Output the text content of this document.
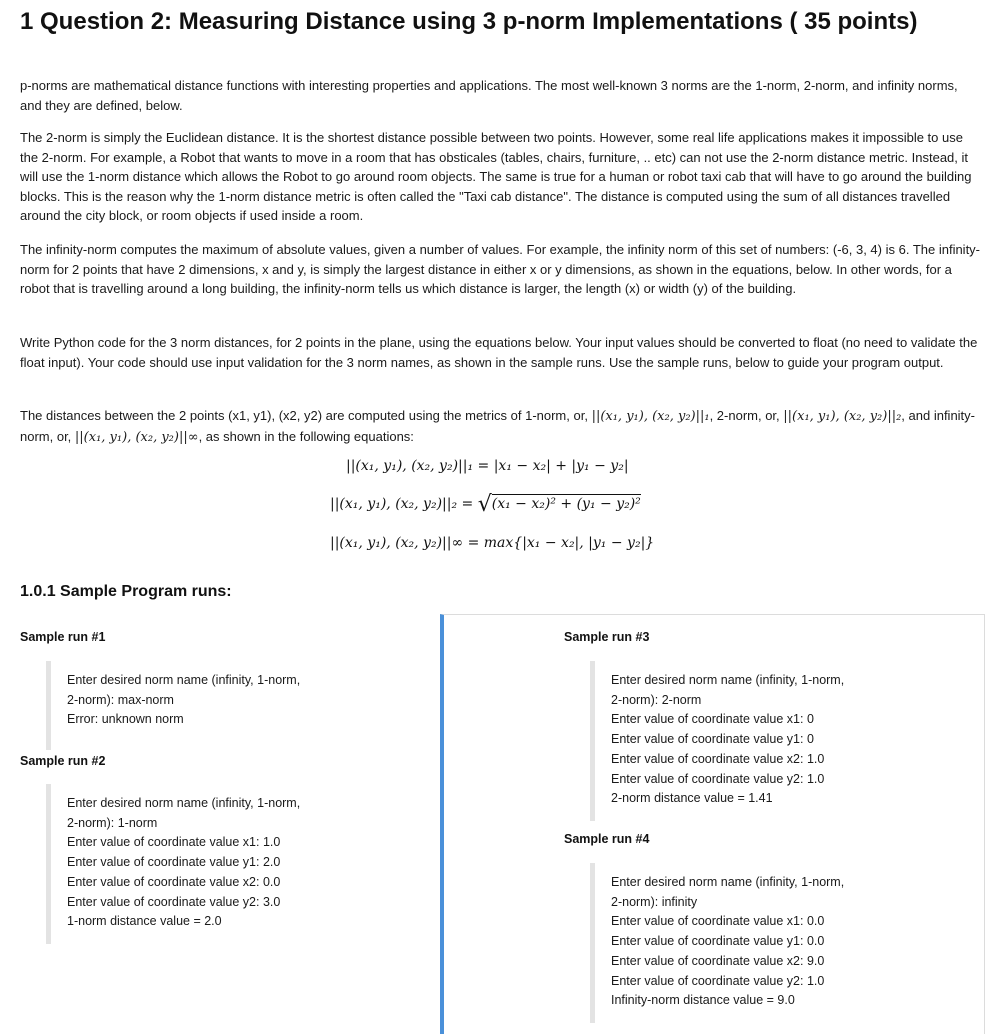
1 Question 2: Measuring Distance using 3 p-norm Implementations ( 35 points)

p-norms are mathematical distance functions with interesting properties and applications. The most well-known 3 norms are the 1-norm, 2-norm, and infinity norms, and they are defined, below.

The 2-norm is simply the Euclidean distance. It is the shortest distance possible between two points. However, some real life applications makes it impossible to use the 2-norm. For example, a Robot that wants to move in a room that has obsticales (tables, chairs, furniture, .. etc) can not use the 2-norm distance metric. Instead, it will use the 1-norm distance which allows the Robot to go around room objects. The same is true for a human or robot taxi cab that will have to go around the building blocks. This is the reason why the 1-norm distance metric is often called the "Taxi cab distance". The distance is computed using the sum of all distances travelled around the city block, or room objects if used inside a room.

The infinity-norm computes the maximum of absolute values, given a number of values. For example, the infinity norm of this set of numbers: (-6, 3, 4) is 6. The infinity-norm for 2 points that have 2 dimensions, x and y, is simply the largest distance in either x or y dimensions, as shown in the equations, below. In other words, for a robot that is travelling around a long building, the infinity-norm tells us which distance is larger, the length (x) or width (y) of the building.

Write Python code for the 3 norm distances, for 2 points in the plane, using the equations below. Your input values should be converted to float (no need to validate the float input). Your code should use input validation for the 3 norm names, as shown in the sample runs. Use the sample runs, below to guide your program output.

The distances between the 2 points (x1, y1), (x2, y2) are computed using the metrics of 1-norm, or, ||(x₁, y₁), (x₂, y₂)||₁, 2-norm, or, ||(x₁, y₁), (x₂, y₂)||₂, and infinity-norm, or, ||(x₁, y₁), (x₂, y₂)||∞, as shown in the following equations:

||(x₁, y₁), (x₂, y₂)||₁ = |x₁ − x₂| + |y₁ − y₂|
||(x₁, y₁), (x₂, y₂)||₂ = √(x₁ − x₂)² + (y₁ − y₂)²
||(x₁, y₁), (x₂, y₂)||∞ = max{|x₁ − x₂|, |y₁ − y₂|}
1.0.1 Sample Program runs:

Sample run #1

Enter desired norm name (infinity, 1-norm,
2-norm): max-norm
Error: unknown norm

Sample run #2

Enter desired norm name (infinity, 1-norm,
2-norm): 1-norm
Enter value of coordinate value x1: 1.0
Enter value of coordinate value y1: 2.0
Enter value of coordinate value x2: 0.0
Enter value of coordinate value y2: 3.0
1-norm distance value = 2.0

Sample run #3

Enter desired norm name (infinity, 1-norm,
2-norm): 2-norm
Enter value of coordinate value x1: 0
Enter value of coordinate value y1: 0
Enter value of coordinate value x2: 1.0
Enter value of coordinate value y2: 1.0
2-norm distance value = 1.41

Sample run #4

Enter desired norm name (infinity, 1-norm,
2-norm): infinity
Enter value of coordinate value x1: 0.0
Enter value of coordinate value y1: 0.0
Enter value of coordinate value x2: 9.0
Enter value of coordinate value y2: 1.0
Infinity-norm distance value = 9.0
